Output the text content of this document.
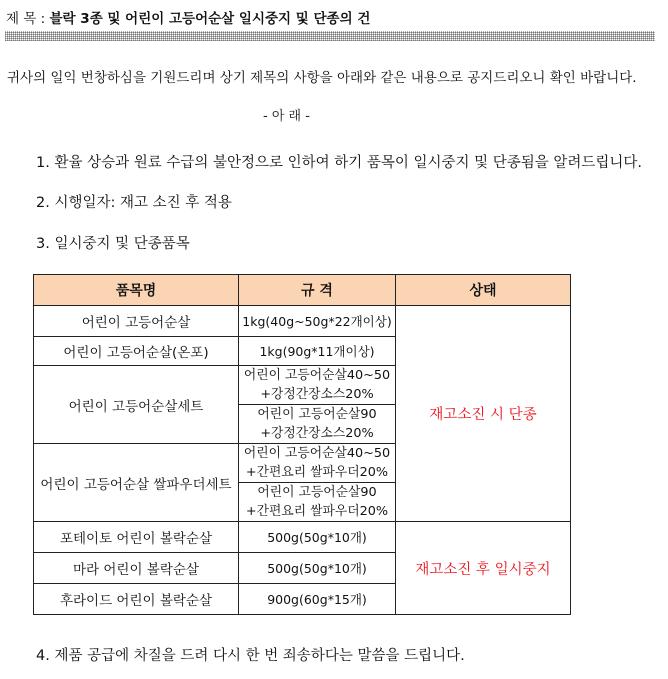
제 목 : 블락 3종 및 어린이 고등어순살 일시중지 및 단종의 건
귀사의 일익 번창하심을 기원드리며 상기 제목의 사항을 아래와 같은 내용으로 공지드리오니 확인 바랍니다.
- 아 래 -
1. 환율 상승과 원료 수급의 불안정으로 인하여 하기 품목이 일시중지 및 단종됨을 알려드립니다.
2. 시행일자: 재고 소진 후 적용
3. 일시중지 및 단종품목
품목명	규 격	상태
어린이 고등어순살	1kg(40g~50g*22개이상)	재고소진 시 단종
어린이 고등어순살(온포)	1kg(90g*11개이상)	
어린이 고등어순살세트	어린이 고등어순살40~50
+강정간장소스20%
어린이 고등어순살90
+강정간장소스20%	

어린이 고등어순살 쌀파우더세트	어린이 고등어순살40~50
+간편요리 쌀파우더20%
어린이 고등어순살90
+간편요리 쌀파우더20%	

포테이토 어린이 볼락순살	500g(50g*10개)	재고소진 후 일시중지
마라 어린이 볼락순살	500g(50g*10개)	
후라이드 어린이 볼락순살	900g(60g*15개)	
4. 제품 공급에 차질을 드려 다시 한 번 죄송하다는 말씀을 드립니다.
